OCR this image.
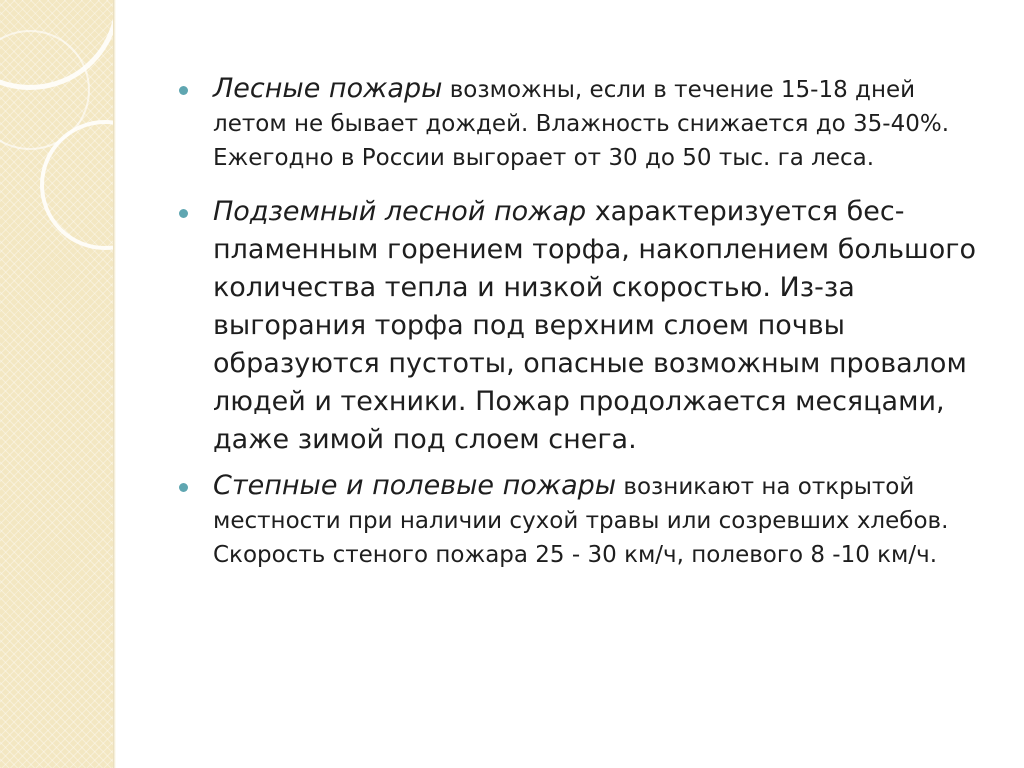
Лесные пожары возможны, если в течение 15-18 дней летом не бывает дождей. Влажность снижается до 35-40%. Ежегодно в России выгорает от 30 до 50 тыс. га леса.
Подземный лесной пожар характеризуется беспламенным горением торфа, накоплением большого количества тепла и низкой скоростью. Из-за выгорания торфа под верхним слоем почвы образуются пустоты, опасные возможным провалом людей и техники. Пожар продолжается месяцами, даже зимой под слоем снега.
Степные и полевые пожары возникают на открытой местности при наличии сухой травы или созревших хлебов. Скорость стеного пожара 25 - 30 км/ч, полевого 8 -10 км/ч.
